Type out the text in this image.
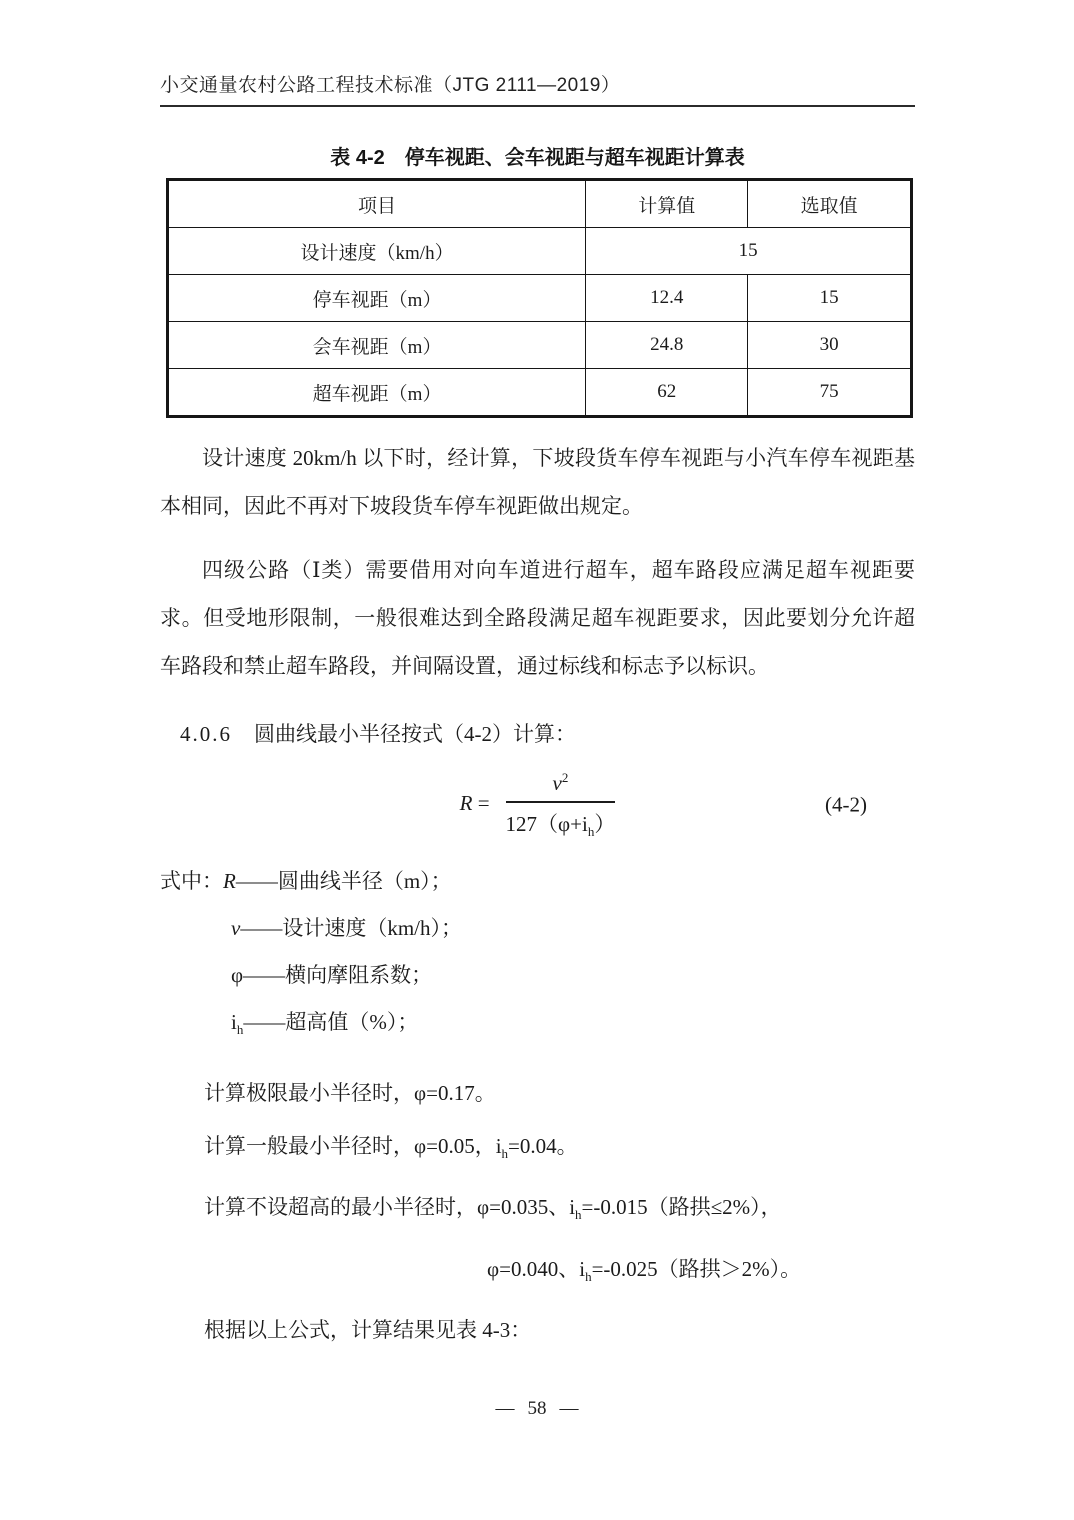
小交通量农村公路工程技术标准（JTG 2111—2019）
表 4-2　停车视距、会车视距与超车视距计算表
项目	计算值	选取值
设计速度（km/h）	15	
停车视距（m）	12.4	15
会车视距（m）	24.8	30
超车视距（m）	62	75

设计速度 20km/h 以下时，经计算，下坡段货车停车视距与小汽车停车视距基本相同，因此不再对下坡段货车停车视距做出规定。

四级公路（Ⅰ类）需要借用对向车道进行超车，超车路段应满足超车视距要求。但受地形限制，一般很难达到全路段满足超车视距要求，因此要划分允许超车路段和禁止超车路段，并间隔设置，通过标线和标志予以标识。

4.0.6 圆曲线最小半径按式（4-2）计算：
$R = \frac{v^2}{127(\varphi+i_h)}$	(4-2)
式中：R——圆曲线半径（m）；
v——设计速度（km/h）；
φ——横向摩阻系数；
$i_h——$超高值（%）；

计算极限最小半径时，φ=0.17。

计算一般最小半径时，φ=0.05，$i_h=0.04$。

计算不设超高的最小半径时，φ=0.035、$i_h=-0.015$（路拱≤2%），

φ=0.040、$i_h=-0.025$（路拱＞2%）。

根据以上公式，计算结果见表 4-3：

— 58 —
